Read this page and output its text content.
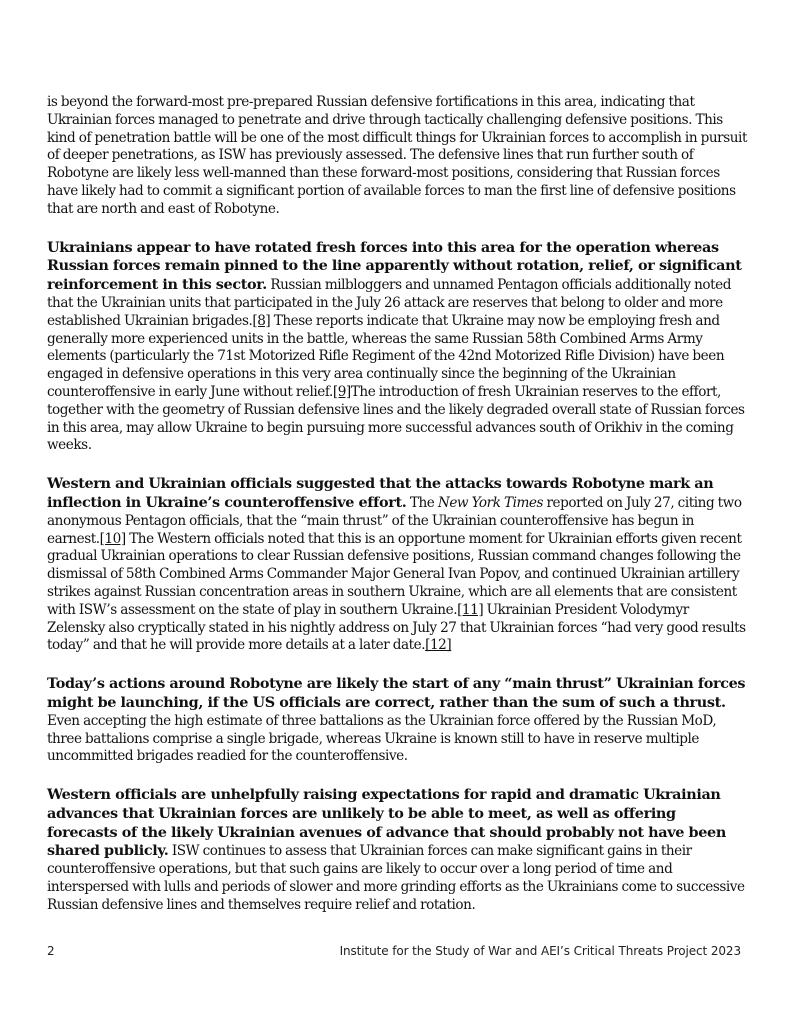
is beyond the forward-most pre-prepared Russian defensive fortifications in this area, indicating that Ukrainian forces managed to penetrate and drive through tactically challenging defensive positions. This kind of penetration battle will be one of the most difficult things for Ukrainian forces to accomplish in pursuit of deeper penetrations, as ISW has previously assessed. The defensive lines that run further south of Robotyne are likely less well-manned than these forward-most positions, considering that Russian forces have likely had to commit a significant portion of available forces to man the first line of defensive positions that are north and east of Robotyne.

Ukrainians appear to have rotated fresh forces into this area for the operation whereas Russian forces remain pinned to the line apparently without rotation, relief, or significant reinforcement in this sector. Russian milbloggers and unnamed Pentagon officials additionally noted that the Ukrainian units that participated in the July 26 attack are reserves that belong to older and more established Ukrainian brigades.[8] These reports indicate that Ukraine may now be employing fresh and generally more experienced units in the battle, whereas the same Russian 58th Combined Arms Army elements (particularly the 71st Motorized Rifle Regiment of the 42nd Motorized Rifle Division) have been engaged in defensive operations in this very area continually since the beginning of the Ukrainian counteroffensive in early June without relief.[9]The introduction of fresh Ukrainian reserves to the effort, together with the geometry of Russian defensive lines and the likely degraded overall state of Russian forces in this area, may allow Ukraine to begin pursuing more successful advances south of Orikhiv in the coming weeks.

Western and Ukrainian officials suggested that the attacks towards Robotyne mark an inflection in Ukraine’s counteroffensive effort. The New York Times reported on July 27, citing two anonymous Pentagon officials, that the “main thrust” of the Ukrainian counteroffensive has begun in earnest.[10] The Western officials noted that this is an opportune moment for Ukrainian efforts given recent gradual Ukrainian operations to clear Russian defensive positions, Russian command changes following the dismissal of 58th Combined Arms Commander Major General Ivan Popov, and continued Ukrainian artillery strikes against Russian concentration areas in southern Ukraine, which are all elements that are consistent with ISW’s assessment on the state of play in southern Ukraine.[11] Ukrainian President Volodymyr Zelensky also cryptically stated in his nightly address on July 27 that Ukrainian forces “had very good results today” and that he will provide more details at a later date.[12]

Today’s actions around Robotyne are likely the start of any “main thrust” Ukrainian forces might be launching, if the US officials are correct, rather than the sum of such a thrust. Even accepting the high estimate of three battalions as the Ukrainian force offered by the Russian MoD, three battalions comprise a single brigade, whereas Ukraine is known still to have in reserve multiple uncommitted brigades readied for the counteroffensive.

Western officials are unhelpfully raising expectations for rapid and dramatic Ukrainian advances that Ukrainian forces are unlikely to be able to meet, as well as offering forecasts of the likely Ukrainian avenues of advance that should probably not have been shared publicly. ISW continues to assess that Ukrainian forces can make significant gains in their counteroffensive operations, but that such gains are likely to occur over a long period of time and interspersed with lulls and periods of slower and more grinding efforts as the Ukrainians come to successive Russian defensive lines and themselves require relief and rotation.

2	Institute for the Study of War and AEI’s Critical Threats Project 2023
